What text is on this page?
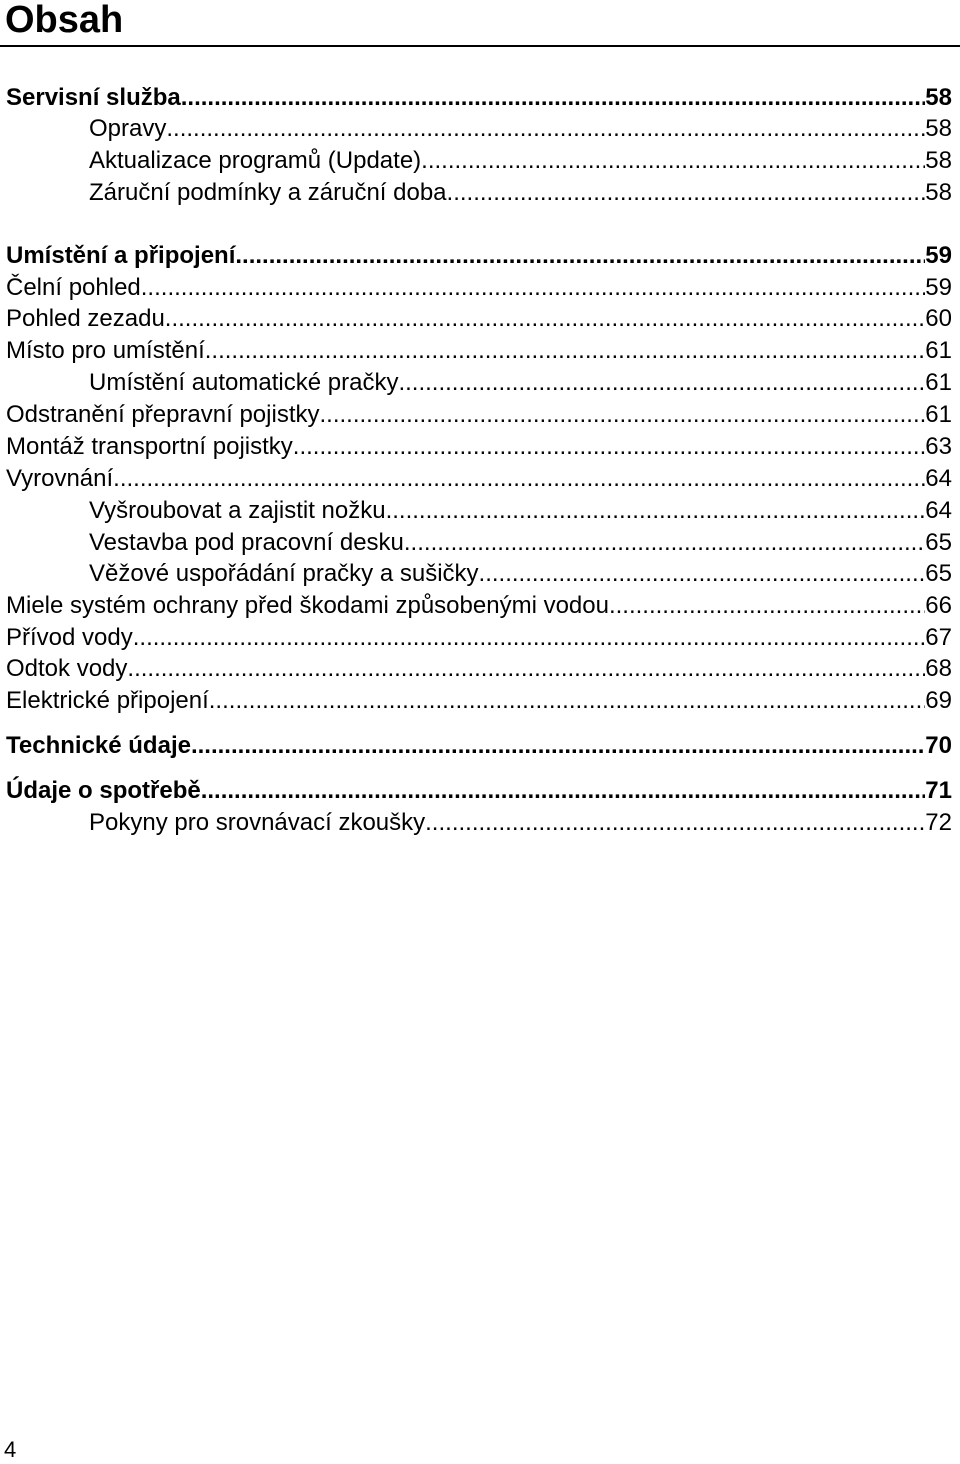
Obsah
Servisní služba .....	58
Opravy .....	58
Aktualizace programů (Update) .....	58
Záruční podmínky a záruční doba .....	58
Umístění a připojení .....	59
Čelní pohled .....	59
Pohled zezadu .....	60
Místo pro umístění .....	61
Umístění automatické pračky .....	61
Odstranění přepravní pojistky .....	61
Montáž transportní pojistky .....	63
Vyrovnání .....	64
Vyšroubovat a zajistit nožku .....	64
Vestavba pod pracovní desku .....	65
Věžové uspořádání pračky a sušičky .....	65
Miele systém ochrany před škodami způsobenými vodou .....	66
Přívod vody .....	67
Odtok vody .....	68
Elektrické připojení .....	69
Technické údaje .....	70
Údaje o spotřebě .....	71
Pokyny pro srovnávací zkoušky .....	72
4
